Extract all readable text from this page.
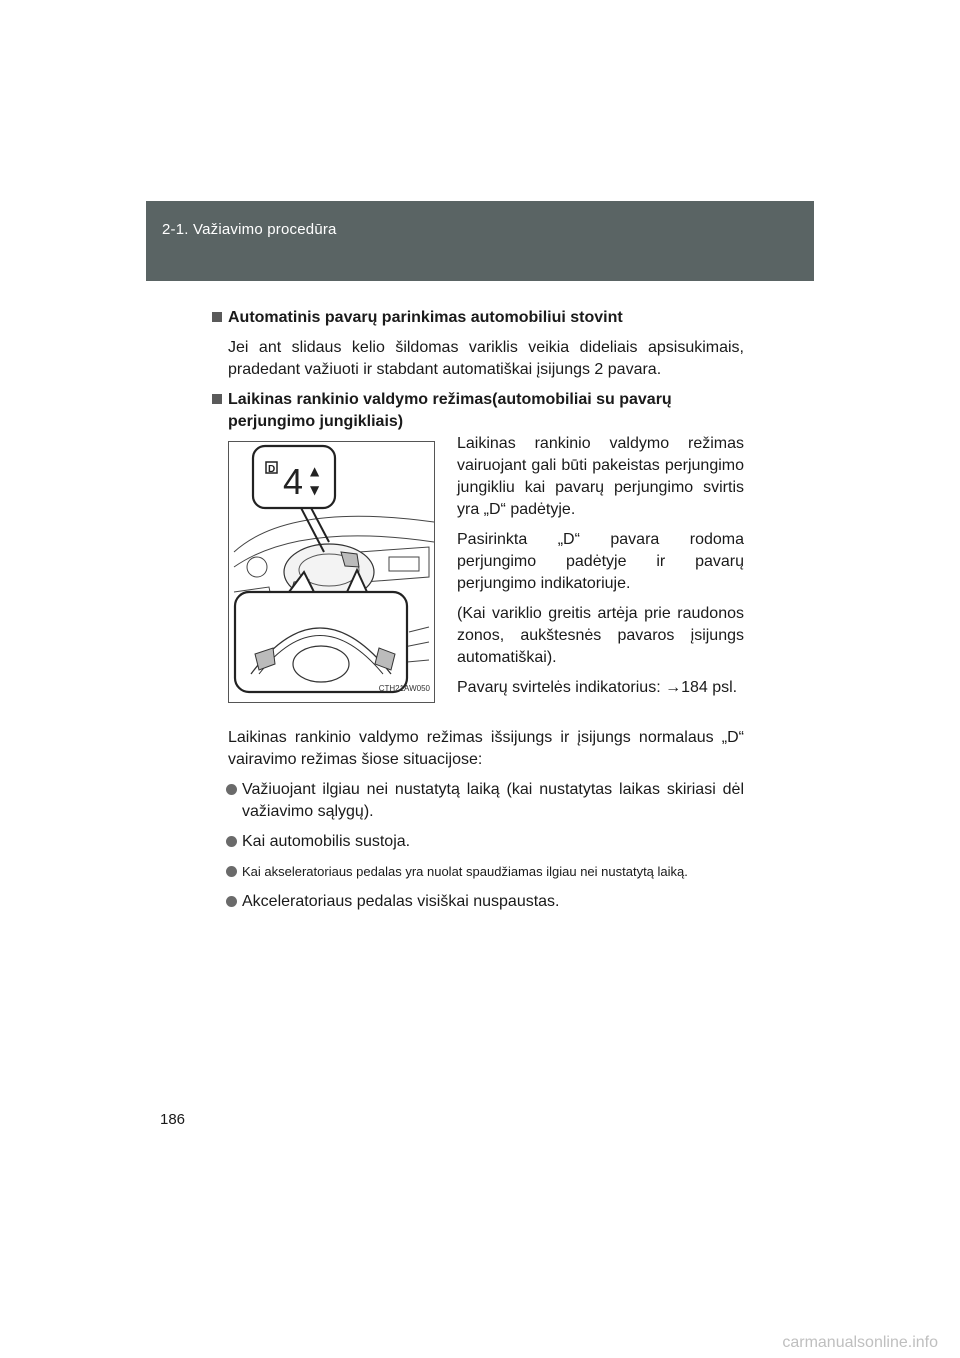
2-1. Važiavimo procedūra
Automatinis pavarų parinkimas automobiliui stovint

Jei ant slidaus kelio šildomas variklis veikia dideliais apsisukimais, pradedant važiuoti ir stabdant automatiškai įsijungs 2 pavara.

Laikinas rankinio valdymo režimas(automobiliai su pavarų perjungimo jungikliais)
D 4 ▲
▼
CTH21AW050

Laikinas rankinio valdymo režimas vairuojant gali būti pakeistas perjungimo jungikliu kai pavarų perjungimo svirtis yra „D“ padėtyje.

Pasirinkta „D“ pavara rodoma perjungimo padėtyje ir pavarų perjungimo indikatoriuje.

(Kai variklio greitis artėja prie raudonos zonos, aukštesnės pavaros įsijungs automatiškai).

Pavarų svirtelės indikatorius: →184 psl.

Laikinas rankinio valdymo režimas išsijungs ir įsijungs normalaus „D“ vairavimo režimas šiose situacijose:

Važiuojant ilgiau nei nustatytą laiką (kai nustatytas laikas skiriasi dėl važiavimo sąlygų).
Kai automobilis sustoja.
Kai akseleratoriaus pedalas yra nuolat spaudžiamas ilgiau nei nustatytą laiką.
Akceleratoriaus pedalas visiškai nuspaustas.
186
carmanualsonline.info
